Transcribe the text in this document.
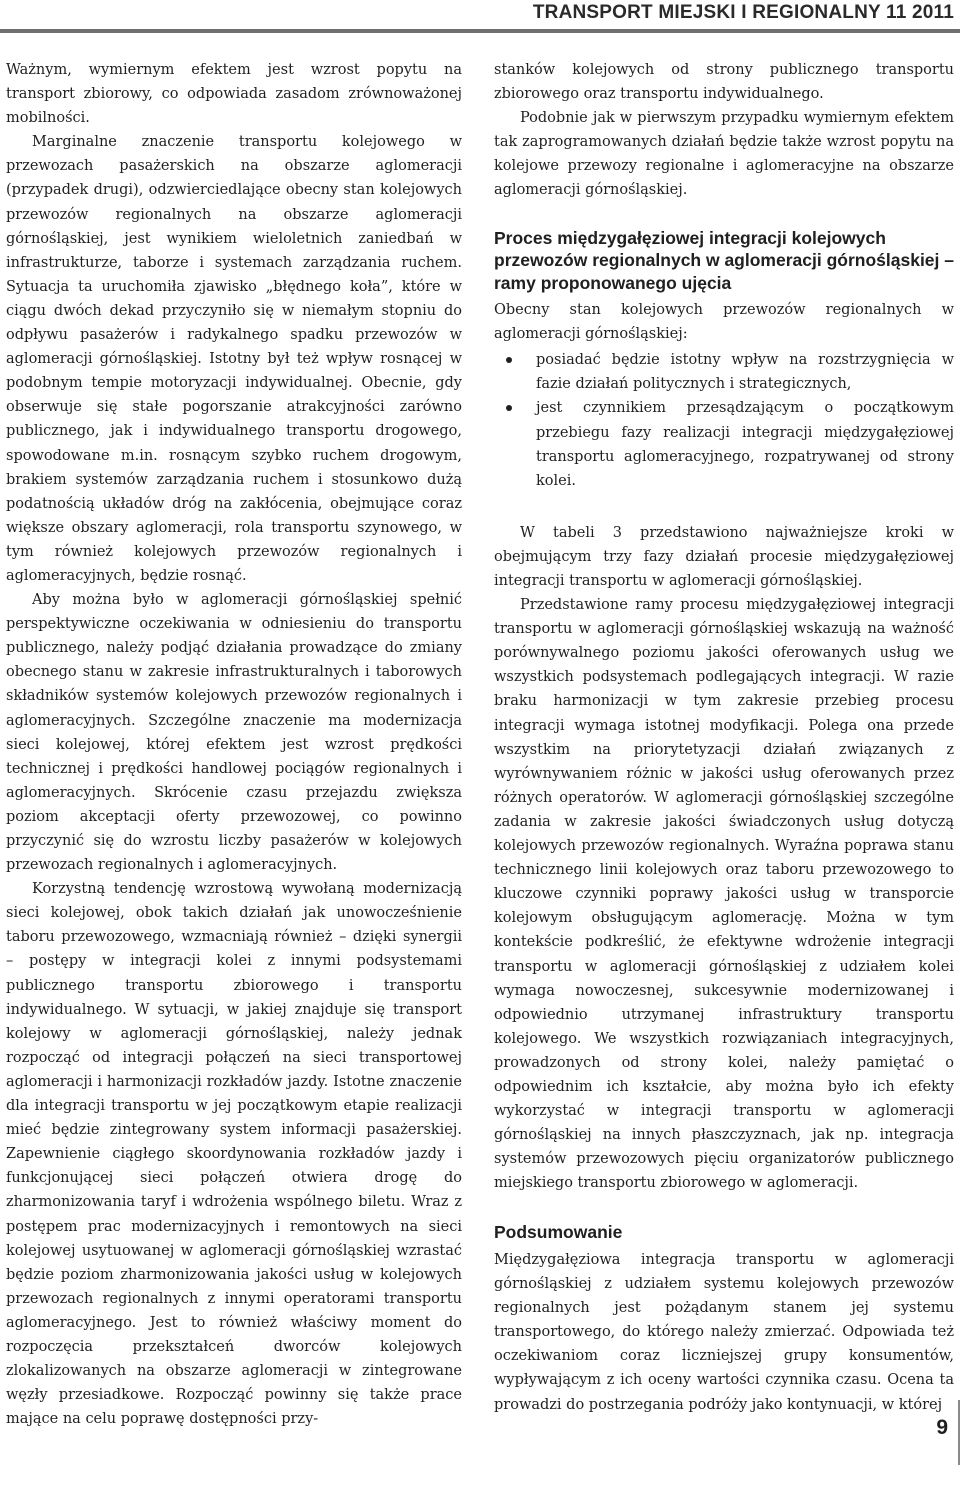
TRANSPORT MIEJSKI I REGIONALNY 11 2011

Ważnym, wymiernym efektem jest wzrost popytu na transport zbiorowy, co odpowiada zasadom zrównoważonej mobilności.

Marginalne znaczenie transportu kolejowego w przewozach pasażerskich na obszarze aglomeracji (przypadek drugi), odzwierciedlające obecny stan kolejowych przewozów regionalnych na obszarze aglomeracji górnośląskiej, jest wynikiem wieloletnich zaniedbań w infrastrukturze, taborze i systemach zarządzania ruchem. Sytuacja ta uruchomiła zjawisko „błędnego koła”, które w ciągu dwóch dekad przyczyniło się w niemałym stopniu do odpływu pasażerów i radykalnego spadku przewozów w aglomeracji górnośląskiej. Istotny był też wpływ rosnącej w podobnym tempie motoryzacji indywidualnej. Obecnie, gdy obserwuje się stałe pogorszanie atrakcyjności zarówno publicznego, jak i indywidualnego transportu drogowego, spowodowane m.in. rosnącym szybko ruchem drogowym, brakiem systemów zarządzania ruchem i stosunkowo dużą podatnością układów dróg na zakłócenia, obejmujące coraz większe obszary aglomeracji, rola transportu szynowego, w tym również kolejowych przewozów regionalnych i aglomeracyjnych, będzie rosnąć.

Aby można było w aglomeracji górnośląskiej spełnić perspektywiczne oczekiwania w odniesieniu do transportu publicznego, należy podjąć działania prowadzące do zmiany obecnego stanu w zakresie infrastrukturalnych i taborowych składników systemów kolejowych przewozów regionalnych i aglomeracyjnych. Szczególne znaczenie ma modernizacja sieci kolejowej, której efektem jest wzrost prędkości technicznej i prędkości handlowej pociągów regionalnych i aglomeracyjnych. Skrócenie czasu przejazdu zwiększa poziom akceptacji oferty przewozowej, co powinno przyczynić się do wzrostu liczby pasażerów w kolejowych przewozach regionalnych i aglomeracyjnych.

Korzystną tendencję wzrostową wywołaną modernizacją sieci kolejowej, obok takich działań jak unowocześnienie taboru przewozowego, wzmacniają również – dzięki synergii – postępy w integracji kolei z innymi podsystemami publicznego transportu zbiorowego i transportu indywidualnego. W sytuacji, w jakiej znajduje się transport kolejowy w aglomeracji górnośląskiej, należy jednak rozpocząć od integracji połączeń na sieci transportowej aglomeracji i harmonizacji rozkładów jazdy. Istotne znaczenie dla integracji transportu w jej początkowym etapie realizacji mieć będzie zintegrowany system informacji pasażerskiej. Zapewnienie ciągłego skoordynowania rozkładów jazdy i funkcjonującej sieci połączeń otwiera drogę do zharmonizowania taryf i wdrożenia wspólnego biletu. Wraz z postępem prac modernizacyjnych i remontowych na sieci kolejowej usytuowanej w aglomeracji górnośląskiej wzrastać będzie poziom zharmonizowania jakości usług w kolejowych przewozach regionalnych z innymi operatorami transportu aglomeracyjnego. Jest to również właściwy moment do rozpoczęcia przekształceń dworców kolejowych zlokalizowanych na obszarze aglomeracji w zintegrowane węzły przesiadkowe. Rozpocząć powinny się także prace mające na celu poprawę dostępności przy-

stanków kolejowych od strony publicznego transportu zbiorowego oraz transportu indywidualnego.

Podobnie jak w pierwszym przypadku wymiernym efektem tak zaprogramowanych działań będzie także wzrost popytu na kolejowe przewozy regionalne i aglomeracyjne na obszarze aglomeracji górnośląskiej.

Proces międzygałęziowej integracji kolejowych przewozów regionalnych w aglomeracji górnośląskiej – ramy proponowanego ujęcia

Obecny stan kolejowych przewozów regionalnych w aglomeracji górnośląskiej:

posiadać będzie istotny wpływ na rozstrzygnięcia w fazie działań politycznych i strategicznych,
jest czynnikiem przesądzającym o początkowym przebiegu fazy realizacji integracji międzygałęziowej transportu aglomeracyjnego, rozpatrywanej od strony kolei.

W tabeli 3 przedstawiono najważniejsze kroki w obejmującym trzy fazy działań procesie międzygałęziowej integracji transportu w aglomeracji górnośląskiej.

Przedstawione ramy procesu międzygałęziowej integracji transportu w aglomeracji górnośląskiej wskazują na ważność porównywalnego poziomu jakości oferowanych usług we wszystkich podsystemach podlegających integracji. W razie braku harmonizacji w tym zakresie przebieg procesu integracji wymaga istotnej modyfikacji. Polega ona przede wszystkim na priorytetyzacji działań związanych z wyrównywaniem różnic w jakości usług oferowanych przez różnych operatorów. W aglomeracji górnośląskiej szczególne zadania w zakresie jakości świadczonych usług dotyczą kolejowych przewozów regionalnych. Wyraźna poprawa stanu technicznego linii kolejowych oraz taboru przewozowego to kluczowe czynniki poprawy jakości usług w transporcie kolejowym obsługującym aglomerację. Można w tym kontekście podkreślić, że efektywne wdrożenie integracji transportu w aglomeracji górnośląskiej z udziałem kolei wymaga nowoczesnej, sukcesywnie modernizowanej i odpowiednio utrzymanej infrastruktury transportu kolejowego. We wszystkich rozwiązaniach integracyjnych, prowadzonych od strony kolei, należy pamiętać o odpowiednim ich kształcie, aby można było ich efekty wykorzystać w integracji transportu w aglomeracji górnośląskiej na innych płaszczyznach, jak np. integracja systemów przewozowych pięciu organizatorów publicznego miejskiego transportu zbiorowego w aglomeracji.

Podsumowanie

Międzygałęziowa integracja transportu w aglomeracji górnośląskiej z udziałem systemu kolejowych przewozów regionalnych jest pożądanym stanem jej systemu transportowego, do którego należy zmierzać. Odpowiada też oczekiwaniom coraz liczniejszej grupy konsumentów, wypływającym z ich oceny wartości czynnika czasu. Ocena ta prowadzi do postrzegania podróży jako kontynuacji, w której

9
